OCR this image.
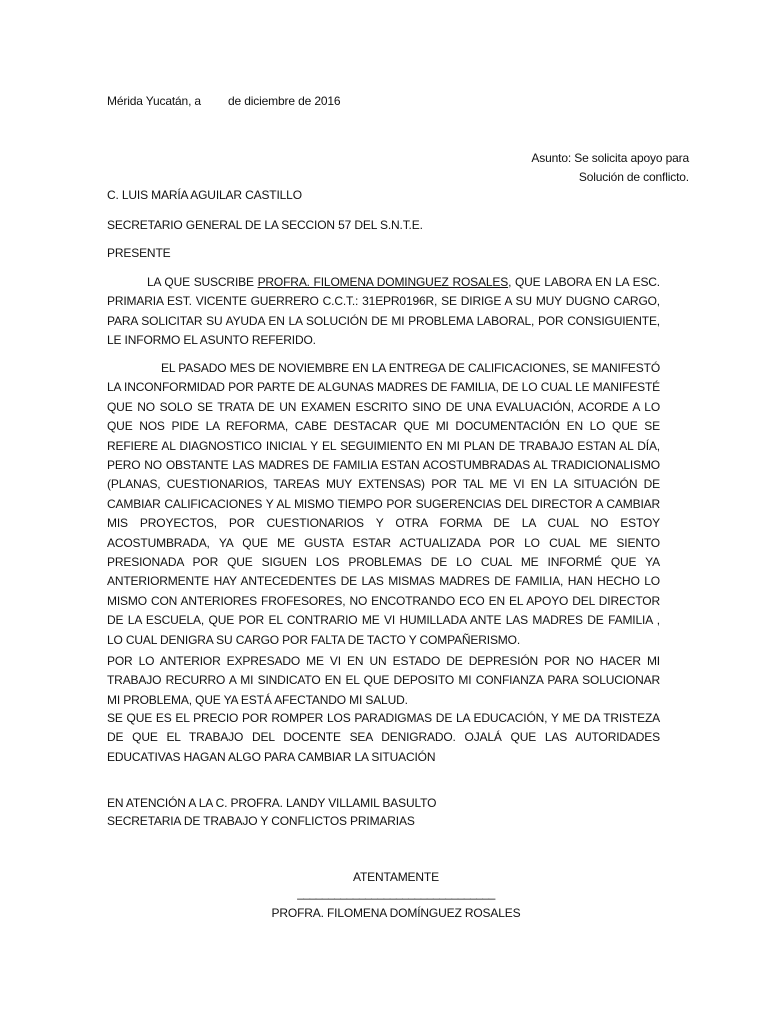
Mérida Yucatán, a de diciembre de 2016
Asunto: Se solicita apoyo para
Solución de conflicto.
C. LUIS MARÍA AGUILAR CASTILLO
SECRETARIO GENERAL DE LA SECCION 57 DEL S.N.T.E.
PRESENTE

LA QUE SUSCRIBE PROFRA. FILOMENA DOMINGUEZ ROSALES, QUE LABORA EN LA ESC. PRIMARIA EST. VICENTE GUERRERO C.C.T.: 31EPR0196R, SE DIRIGE A SU MUY DUGNO CARGO, PARA SOLICITAR SU AYUDA EN LA SOLUCIÓN DE MI PROBLEMA LABORAL, POR CONSIGUIENTE, LE INFORMO EL ASUNTO REFERIDO.

EL PASADO MES DE NOVIEMBRE EN LA ENTREGA DE CALIFICACIONES, SE MANIFESTÓ LA INCONFORMIDAD POR PARTE DE ALGUNAS MADRES DE FAMILIA, DE LO CUAL LE MANIFESTÉ QUE NO SOLO SE TRATA DE UN EXAMEN ESCRITO SINO DE UNA EVALUACIÓN, ACORDE A LO QUE NOS PIDE LA REFORMA, CABE DESTACAR QUE MI DOCUMENTACIÓN EN LO QUE SE REFIERE AL DIAGNOSTICO INICIAL Y EL SEGUIMIENTO EN MI PLAN DE TRABAJO ESTAN AL DÍA, PERO NO OBSTANTE LAS MADRES DE FAMILIA ESTAN ACOSTUMBRADAS AL TRADICIONALISMO (PLANAS, CUESTIONARIOS, TAREAS MUY EXTENSAS) POR TAL ME VI EN LA SITUACIÓN DE CAMBIAR CALIFICACIONES Y AL MISMO TIEMPO POR SUGERENCIAS DEL DIRECTOR A CAMBIAR MIS PROYECTOS, POR CUESTIONARIOS Y OTRA FORMA DE LA CUAL NO ESTOY ACOSTUMBRADA, YA QUE ME GUSTA ESTAR ACTUALIZADA POR LO CUAL ME SIENTO PRESIONADA POR QUE SIGUEN LOS PROBLEMAS DE LO CUAL ME INFORMÉ QUE YA ANTERIORMENTE HAY ANTECEDENTES DE LAS MISMAS MADRES DE FAMILIA, HAN HECHO LO MISMO CON ANTERIORES FROFESORES, NO ENCOTRANDO ECO EN EL APOYO DEL DIRECTOR DE LA ESCUELA, QUE POR EL CONTRARIO ME VI HUMILLADA ANTE LAS MADRES DE FAMILIA , LO CUAL DENIGRA SU CARGO POR FALTA DE TACTO Y COMPAÑERISMO.

POR LO ANTERIOR EXPRESADO ME VI EN UN ESTADO DE DEPRESIÓN POR NO HACER MI TRABAJO RECURRO A MI SINDICATO EN EL QUE DEPOSITO MI CONFIANZA PARA SOLUCIONAR MI PROBLEMA, QUE YA ESTÁ AFECTANDO MI SALUD.

SE QUE ES EL PRECIO POR ROMPER LOS PARADIGMAS DE LA EDUCACIÓN, Y ME DA TRISTEZA DE QUE EL TRABAJO DEL DOCENTE SEA DENIGRADO. OJALÁ QUE LAS AUTORIDADES EDUCATIVAS HAGAN ALGO PARA CAMBIAR LA SITUACIÓN

EN ATENCIÓN A LA C. PROFRA. LANDY VILLAMIL BASULTO
SECRETARIA DE TRABAJO Y CONFLICTOS PRIMARIAS
ATENTAMENTE
________________________________
PROFRA. FILOMENA DOMÍNGUEZ ROSALES
